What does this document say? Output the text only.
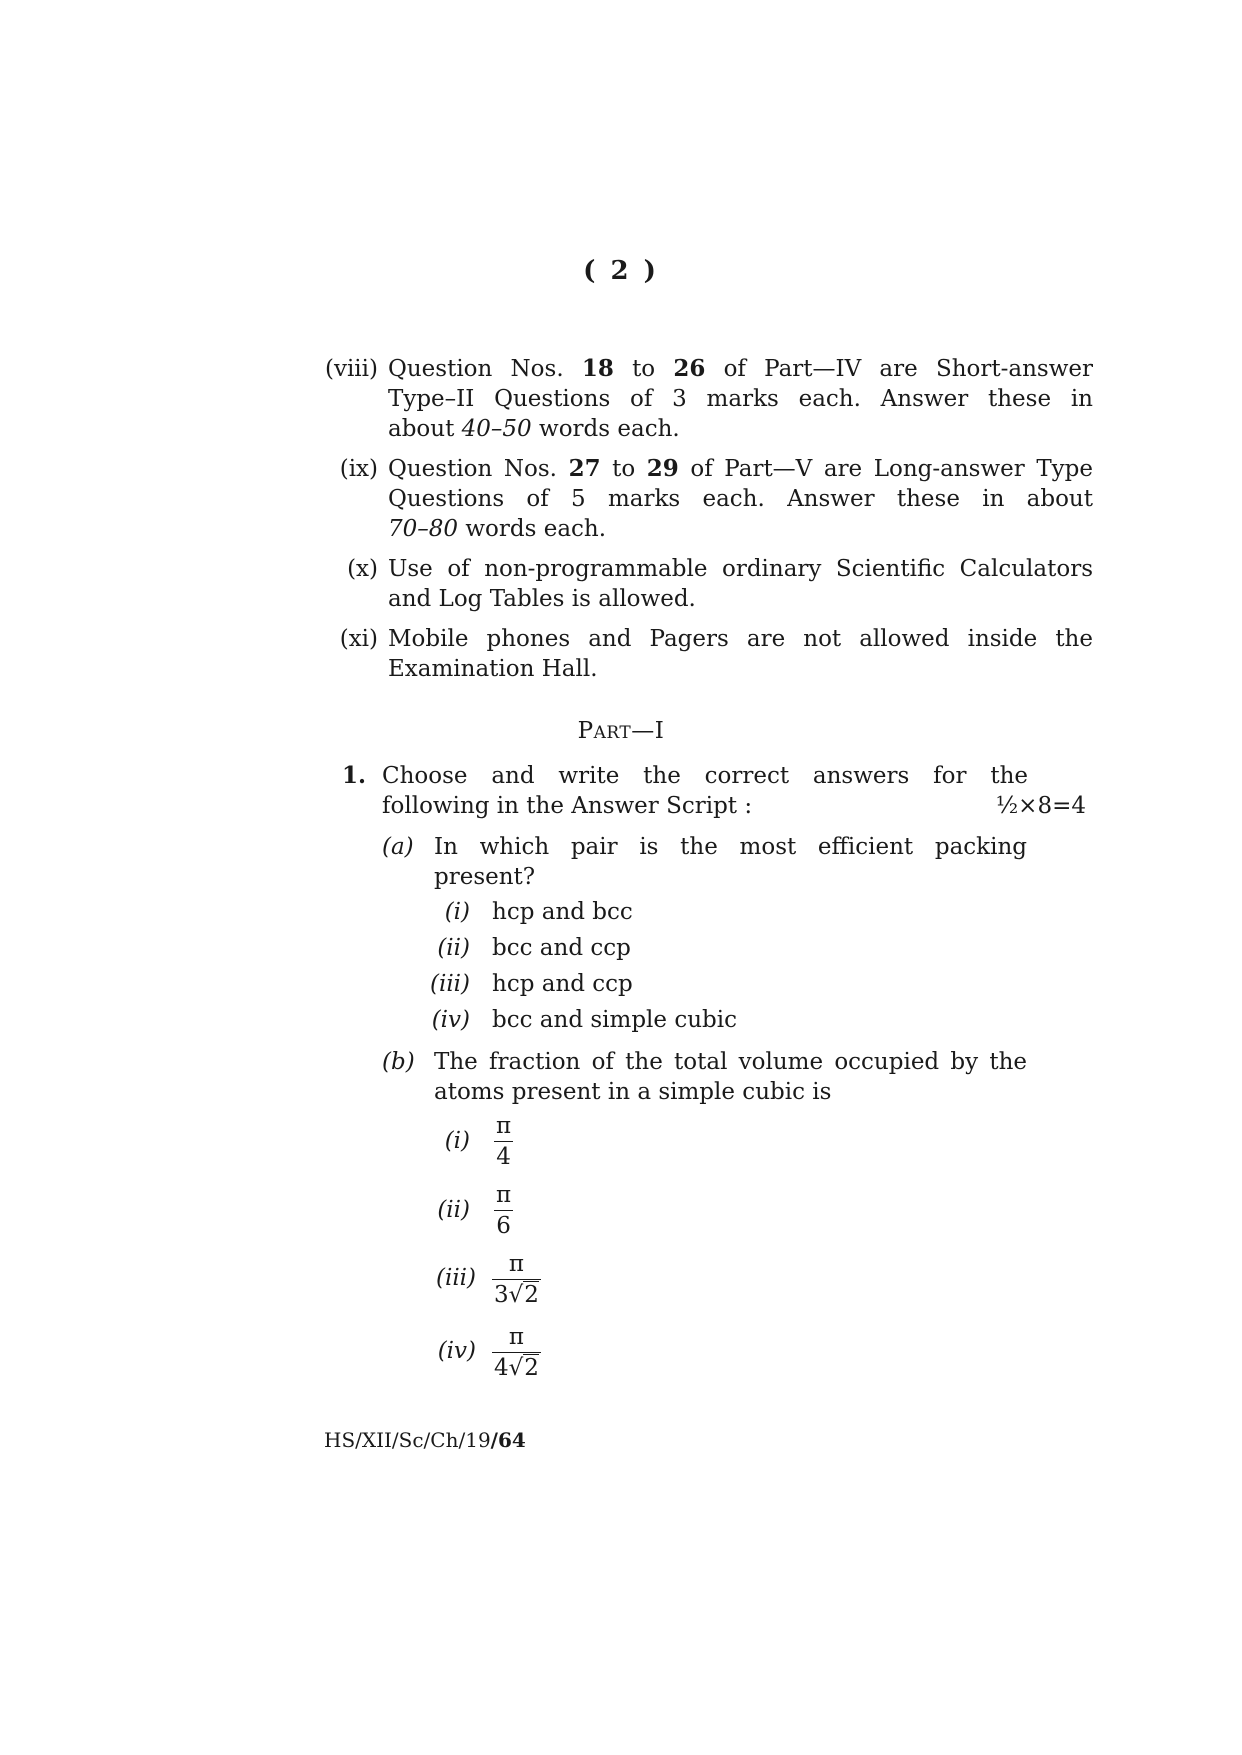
( 2 )
(viii) Question Nos. 18 to 26 of Part—IV are Short-answer
Type–II Questions of 3 marks each. Answer these in
about 40–50 words each.
(ix) Question Nos. 27 to 29 of Part—V are Long-answer Type
Questions of 5 marks each. Answer these in about
70–80 words each.
(x) Use of non-programmable ordinary Scientific Calculators
and Log Tables is allowed.
(xi) Mobile phones and Pagers are not allowed inside the
Examination Hall.
PART—I
1. Choose and write the correct answers for the
following in the Answer Script :	½×8=4
(a) In which pair is the most efficient packing
present?
(i) hcp and bcc
(ii) bcc and ccp
(iii) hcp and ccp
(iv) bcc and simple cubic
(b) The fraction of the total volume occupied by the
atoms present in a simple cubic is
$(i) \frac{\pi}{4}$
$(ii) \frac{\pi}{6}$
$(iii) \frac{\pi}{3√2}$
$(iv) \frac{\pi}{4√2}$
HS/XII/Sc/Ch/19/64
